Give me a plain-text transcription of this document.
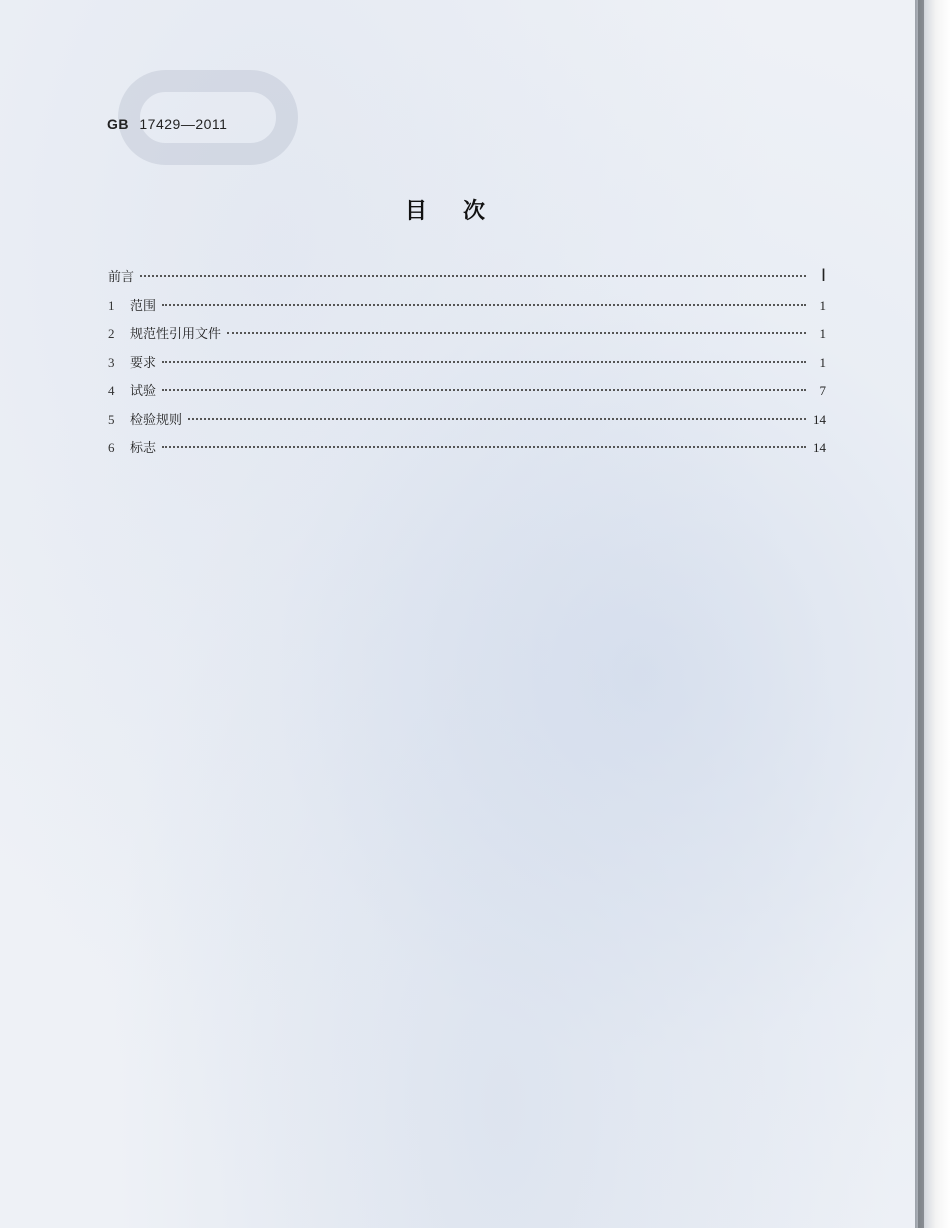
GB 17429—2011
目次
前言	Ⅰ
1	范围	1
2	规范性引用文件	1
3	要求	1
4	试验	7
5	检验规则	14
6	标志	14
